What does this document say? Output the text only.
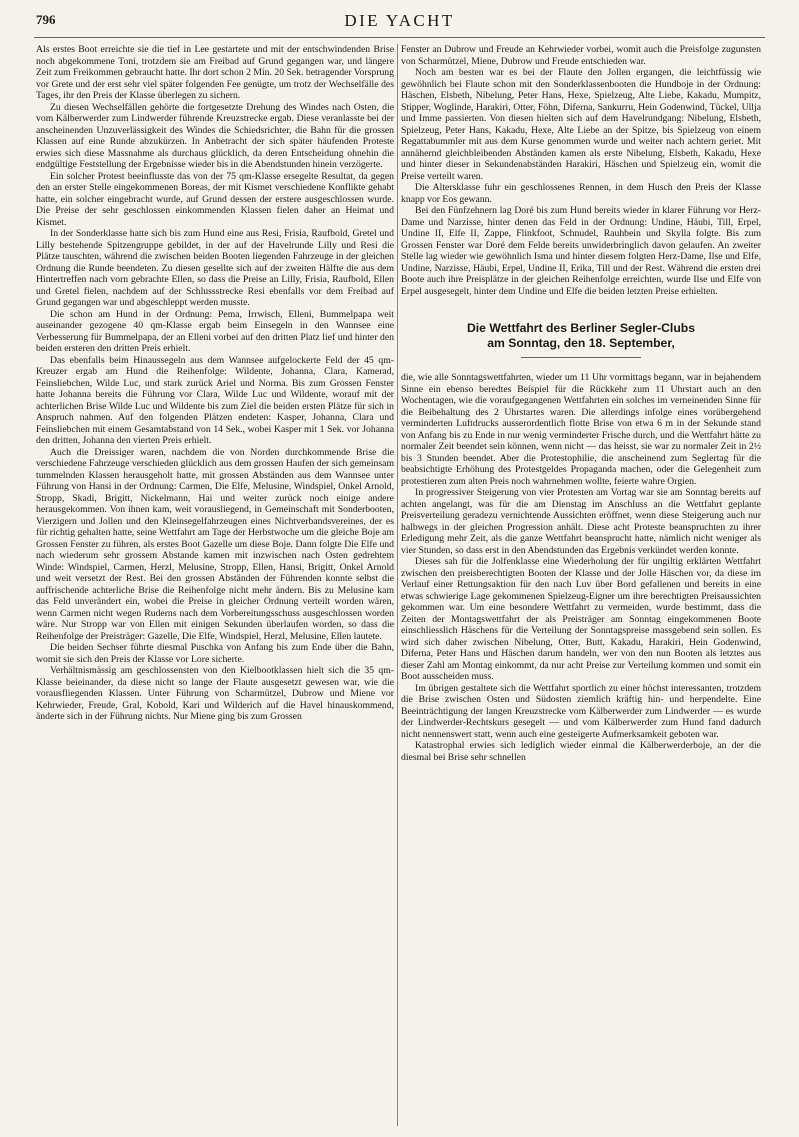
796	DIE YACHT

Als erstes Boot erreichte sie die tief in Lee gestartete und mit der entschwindenden Brise noch abgekommene Toni, trotzdem sie am Freibad auf Grund gegangen war, und längere Zeit zum Freikommen gebraucht hatte. Ihr dort schon 2 Min. 20 Sek. betragender Vorsprung vor Grete und der erst sehr viel später folgenden Fee genügte, um trotz der Wechselfälle des Tages, ihr den Preis der Klasse überlegen zu sichern.

Zu diesen Wechselfällen gehörte die fortgesetzte Drehung des Windes nach Osten, die vom Kälberwerder zum Lindwerder führende Kreuzstrecke ergab. Diese veranlasste bei der anscheinenden Unzuverlässigkeit des Windes die Schiedsrichter, die Bahn für die grossen Klassen auf eine Runde abzukürzen. In Anbetracht der sich später häufenden Proteste erwies sich diese Massnahme als durchaus glücklich, da deren Entscheidung ohnehin die endgültige Feststellung der Ergebnisse wieder bis in die Abendstunden hinein verzögerte.

Ein solcher Protest beeinflusste das von der 75 qm-Klasse ersegelte Resultat, da gegen den an erster Stelle eingekommenen Boreas, der mit Kismet verschiedene Konflikte gehabt hatte, ein solcher eingebracht wurde, auf Grund dessen der erstere ausgeschlossen wurde. Die Preise der sehr geschlossen einkommenden Klassen fielen daher an Heimat und Kismet.

In der Sonderklasse hatte sich bis zum Hund eine aus Resi, Frisia, Raufbold, Gretel und Lilly bestehende Spitzengruppe gebildet, in der auf der Havelrunde Lilly und Resi die Plätze tauschten, während die zwischen beiden Booten liegenden Fahrzeuge in der gleichen Ordnung die Runde beendeten. Zu diesen gesellte sich auf der zweiten Hälfte die aus dem Hintertreffen nach vorn gebrachte Ellen, so dass die Preise an Lilly, Frisia, Raufbold, Ellen und Gretel fielen, nachdem auf der Schlussstrecke Resi ebenfalls vor dem Freibad auf Grund gegangen war und abgeschleppt werden musste.

Die schon am Hund in der Ordnung: Pema, Irrwisch, Elleni, Bummelpapa weit auseinander gezogene 40 qm-Klasse ergab beim Einsegeln in den Wannsee eine Verbesserung für Bummelpapa, der an Elleni vorbei auf den dritten Platz lief und hinter den beiden ersteren den dritten Preis erhielt.

Das ebenfalls beim Hinaussegeln aus dem Wannsee aufgelockerte Feld der 45 qm-Kreuzer ergab am Hund die Reihenfolge: Wildente, Johanna, Clara, Kamerad, Feinsliebchen, Wilde Luc, und stark zurück Ariel und Norma. Bis zum Grossen Fenster hatte Johanna bereits die Führung vor Clara, Wilde Luc und Wildente, worauf mit der achterlichen Brise Wilde Luc und Wildente bis zum Ziel die beiden ersten Plätze für sich in Anspruch nahmen. Auf den folgenden Plätzen endeten: Kasper, Johanna, Clara und Feinsliebchen mit einem Gesamtabstand von 14 Sek., wobei Kasper mit 1 Sek. vor Johanna den dritten, Johanna den vierten Preis erhielt.

Auch die Dreissiger waren, nachdem die von Norden durchkommende Brise die verschiedene Fahrzeuge verschieden glücklich aus dem grossen Haufen der sich gemeinsam tummelnden Klassen herausgeholt hatte, mit grossen Abständen aus dem Wannsee unter Führung von Hansi in der Ordnung: Carmen, Die Elfe, Melusine, Windspiel, Onkel Arnold, Stropp, Skadi, Brigitt, Nickelmann, Hai und weiter zurück noch einige andere herausgekommen. Von ihnen kam, weit vorausliegend, in Gemeinschaft mit Sonderbooten, Vierzigern und Jollen und den Kleinsegelfahrzeugen eines Nichtverbandsvereines, der es für richtig gehalten hatte, seine Wettfahrt am Tage der Herbstwoche um die gleiche Boje am Grossen Fenster zu führen, als erstes Boot Gazelle um diese Boje. Dann folgte Die Elfe und nach wiederum sehr grossem Abstande kamen mit inzwischen nach Osten gedrehtem Winde: Windspiel, Carmen, Herzl, Melusine, Stropp, Ellen, Hansi, Brigitt, Onkel Arnold und weit versetzt der Rest. Bei den grossen Abständen der Führenden konnte selbst die auffrischende achterliche Brise die Reihenfolge nicht mehr ändern. Bis zu Melusine kam das Feld unverändert ein, wobei die Preise in gleicher Ordnung verteilt worden wären, wenn Carmen nicht wegen Ruderns nach dem Vorbereitungsschuss ausgeschlossen worden wäre. Nur Stropp war von Ellen mit einigen Sekunden überlaufen worden, so dass die Reihenfolge der Preisträger: Gazelle, Die Elfe, Windspiel, Herzl, Melusine, Ellen lautete.

Die beiden Sechser führte diesmal Puschka von Anfang bis zum Ende über die Bahn, womit sie sich den Preis der Klasse vor Lore sicherte.

Verhältnismässig am geschlossensten von den Kielbootklassen hielt sich die 35 qm-Klasse beieinander, da diese nicht so lange der Flaute ausgesetzt gewesen war, wie die vorausfliegenden Klassen. Unter Führung von Scharmützel, Dubrow und Miene vor Kehrwieder, Freude, Gral, Kobold, Kari und Wilderich auf die Havel hinauskommend, änderte sich in der Führung nichts. Nur Miene ging bis zum Grossen

Fenster an Dubrow und Freude an Kehrwieder vorbei, womit auch die Preisfolge zugunsten von Scharmützel, Miene, Dubrow und Freude entschieden war.

Noch am besten war es bei der Flaute den Jollen ergangen, die leichtfüssig wie gewöhnlich bei Flaute schon mit den Sonderklassenbooten die Hundboje in der Ordnung: Häschen, Elsbeth, Nibelung, Peter Hans, Hexe, Spielzeug, Alte Liebe, Kakadu, Mumpitz, Stipper, Woglinde, Harakiri, Otter, Föhn, Diferna, Sankurru, Hein Godenwind, Tückel, Ullja und Imme passierten. Von diesen hielten sich auf dem Havelrundgang: Nibelung, Elsbeth, Spielzeug, Peter Hans, Kakadu, Hexe, Alte Liebe an der Spitze, bis Spielzeug von einem Regattabummler mit aus dem Kurse genommen wurde und weiter nach achtern geriet. Mit annähernd gleichbleibenden Abständen kamen als erste Nibelung, Elsbeth, Kakadu, Hexe und hinter dieser in Sekundenabständen Harakiri, Häschen und Spielzeug ein, womit die Preise verteilt waren.

Die Altersklasse fuhr ein geschlossenes Rennen, in dem Husch den Preis der Klasse knapp vor Eos gewann.

Bei den Fünfzehnern lag Doré bis zum Hund bereits wieder in klarer Führung vor Herz-Dame und Narzisse, hinter denen das Feld in der Ordnung: Undine, Häubi, Till, Erpel, Undine II, Elfe II, Zappe, Flinkfoot, Schnudel, Rauhbein und Skylla folgte. Bis zum Grossen Fenster war Doré dem Felde bereits unwiderbringlich davon gelaufen. An zweiter Stelle lag wieder wie gewöhnlich Isma und hinter diesem folgten Herz-Dame, Ilse und Elfe, Undine, Narzisse, Häubi, Erpel, Undine II, Erika, Till und der Rest. Während die ersten drei Boote auch ihre Preisplätze in der gleichen Reihenfolge erreichten, wurde Ilse und Elfe von Erpel ausgesegelt, hinter dem Undine und Elfe die beiden letzten Preise erhielten.

Die Wettfahrt des Berliner Segler-Clubs
am Sonntag, den 18. September,

die, wie alle Sonntagswettfahrten, wieder um 11 Uhr vormittags begann, war in bejahendem Sinne ein ebenso beredtes Beispiel für die Rückkehr zum 11 Uhrstart auch an den Wochentagen, wie die voraufgegangenen Wettfahrten ein solches im verneinenden Sinne für die Beibehaltung des 2 Uhrstartes waren. Die allerdings infolge eines vorübergehend verminderten Luftdrucks ausserordentlich flotte Brise von etwa 6 m in der Sekunde stand von Anfang bis zu Ende in nur wenig verminderter Frische durch, und die Wettfahrt hätte zu normaler Zeit beendet sein können, wenn nicht — das heisst, sie war zu normaler Zeit in 2½ bis 3 Stunden beendet. Aber die Protestophilie, die anscheinend zum Seglertag für die beabsichtigte Erhöhung des Protestgeldes Propaganda machen, oder die Gelegenheit zum protestieren zum alten Preis noch wahrnehmen wollte, feierte wahre Orgien.

In progressiver Steigerung von vier Protesten am Vortag war sie am Sonntag bereits auf achten angelangt, was für die am Dienstag im Anschluss an die Wettfahrt geplante Preisverteilung geradezu vernichtende Aussichten eröffnet, wenn diese Steigerung auch nur halbwegs in der gleichen Progression anhält. Diese acht Proteste beanspruchten zu ihrer Erledigung mehr Zeit, als die ganze Wettfahrt beansprucht hatte, nämlich nicht weniger als vier Stunden, so dass erst in den Abendstunden das Ergebnis verkündet werden konnte.

Dieses sah für die Jolfenklasse eine Wiederholung der für ungiltig erklärten Wettfahrt zwischen den preisberechtigten Booten der Klasse und der Jolle Häschen vor, da diese im Verlauf einer Rettungsaktion für den nach Luv über Bord gefallenen und bereits in eine etwas schwierige Lage gekommenen Spielzeug-Eigner um ihre berechtigten Preisaussichten gekommen war. Um eine besondere Wettfahrt zu vermeiden, wurde bestimmt, dass die Zeiten der Montagswettfahrt der als Preisträger am Sonntag eingekommenen Boote einschliesslich Häschens für die Verteilung der Sonntagspreise massgebend sein sollen. Es wird sich daher zwischen Nibelung, Otter, Butt, Kakadu, Harakiri, Hein Godenwind, Diferna, Peter Hans und Häschen darum handeln, wer von den nun Booten als letztes aus dieser Zahl am Montag einkommt, da nur acht Preise zur Verteilung kommen und somit ein Boot ausscheiden muss.

Im übrigen gestaltete sich die Wettfahrt sportlich zu einer höchst interessanten, trotzdem die Brise zwischen Osten und Südosten ziemlich kräftig hin- und herpendelte. Eine Beeinträchtigung der langen Kreuzstrecke vom Kälberwerder zum Lindwerder — es wurde der Lindwerder-Rechtskurs gesegelt — und vom Kälberwerder zum Hund fand dadurch nicht nennenswert statt, wenn auch eine gesteigerte Aufmerksamkeit geboten war.

Katastrophal erwies sich lediglich wieder einmal die Kälberwerderboje, an der die diesmal bei Brise sehr schnellen
